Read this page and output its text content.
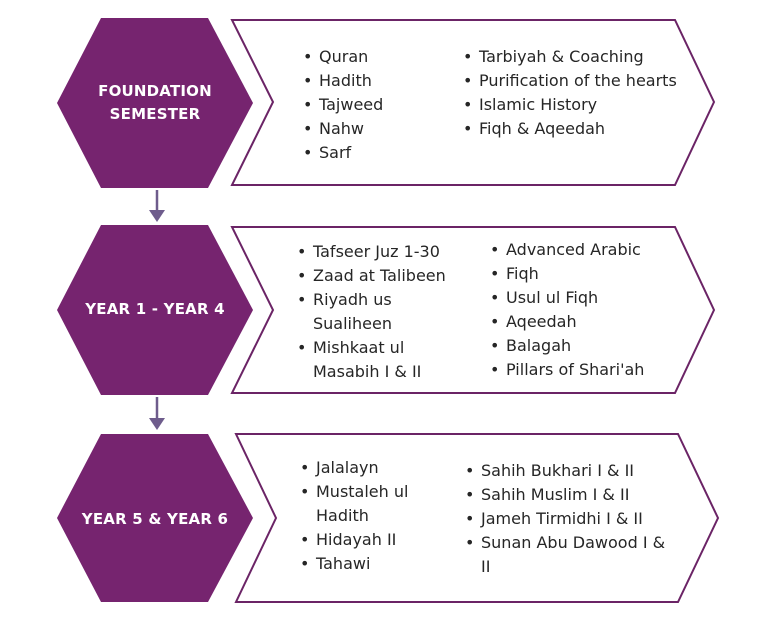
FOUNDATION SEMESTER
• Quran
• Hadith
• Tajweed
• Nahw
• Sarf
• Tarbiyah & Coaching
• Purification of the hearts
• Islamic History
• Fiqh & Aqeedah
YEAR 1 - YEAR 4
• Tafseer Juz 1-30
• Zaad at Talibeen
• Riyadh us Sualiheen
• Mishkaat ul Masabih I & II
• Advanced Arabic
• Fiqh
• Usul ul Fiqh
• Aqeedah
• Balagah
• Pillars of Shari'ah
YEAR 5 & YEAR 6
• Jalalayn
• Mustaleh ul Hadith
• Hidayah II
• Tahawi
• Sahih Bukhari I & II
• Sahih Muslim I & II
• Jameh Tirmidhi I & II
• Sunan Abu Dawood I & II
